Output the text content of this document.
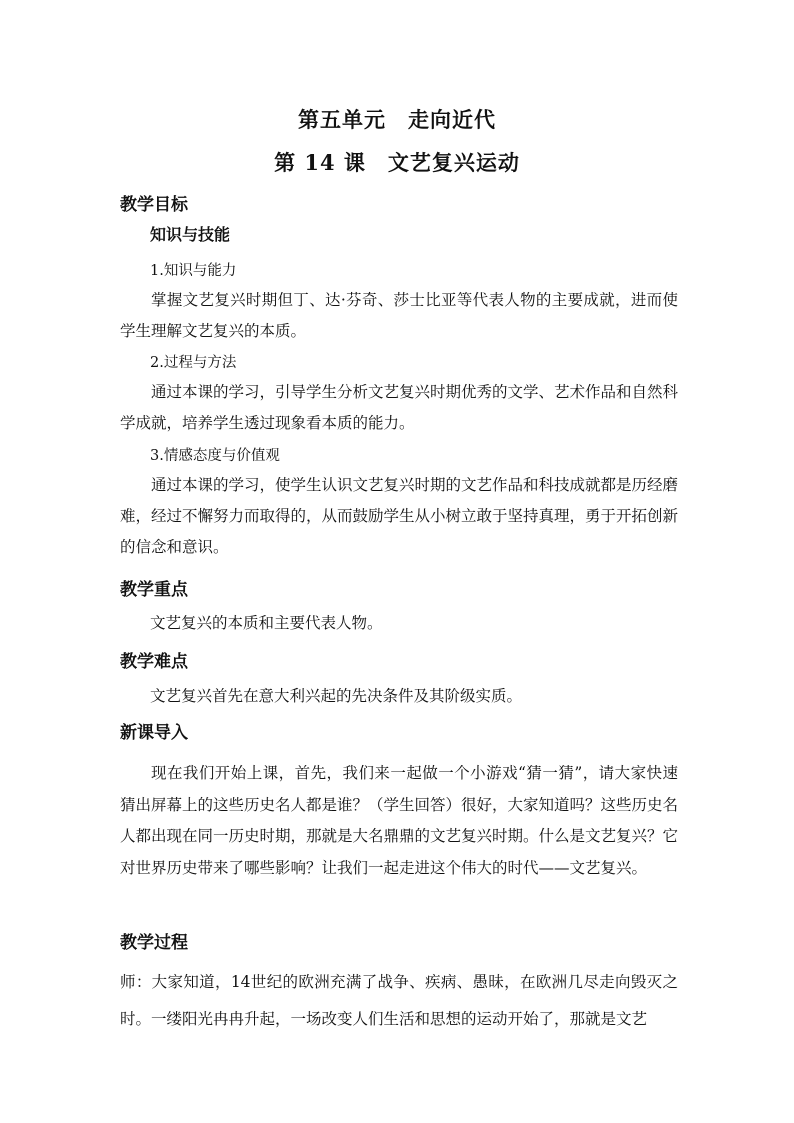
第五单元　走向近代
第 14 课　文艺复兴运动
教学目标
知识与技能
1.知识与能力

掌握文艺复兴时期但丁、达·芬奇、莎士比亚等代表人物的主要成就，进而使学生理解文艺复兴的本质。

2.过程与方法

通过本课的学习，引导学生分析文艺复兴时期优秀的文学、艺术作品和自然科学成就，培养学生透过现象看本质的能力。

3.情感态度与价值观

通过本课的学习，使学生认识文艺复兴时期的文艺作品和科技成就都是历经磨难，经过不懈努力而取得的，从而鼓励学生从小树立敢于坚持真理，勇于开拓创新的信念和意识。

教学重点
文艺复兴的本质和主要代表人物。
教学难点
文艺复兴首先在意大利兴起的先决条件及其阶级实质。
新课导入

现在我们开始上课，首先，我们来一起做一个小游戏“猜一猜”，请大家快速猜出屏幕上的这些历史名人都是谁？（学生回答）很好，大家知道吗？这些历史名人都出现在同一历史时期，那就是大名鼎鼎的文艺复兴时期。什么是文艺复兴？它对世界历史带来了哪些影响？让我们一起走进这个伟大的时代——文艺复兴。

教学过程

师：大家知道，14世纪的欧洲充满了战争、疾病、愚昧，在欧洲几尽走向毁灭之时。一缕阳光冉冉升起，一场改变人们生活和思想的运动开始了，那就是文艺
